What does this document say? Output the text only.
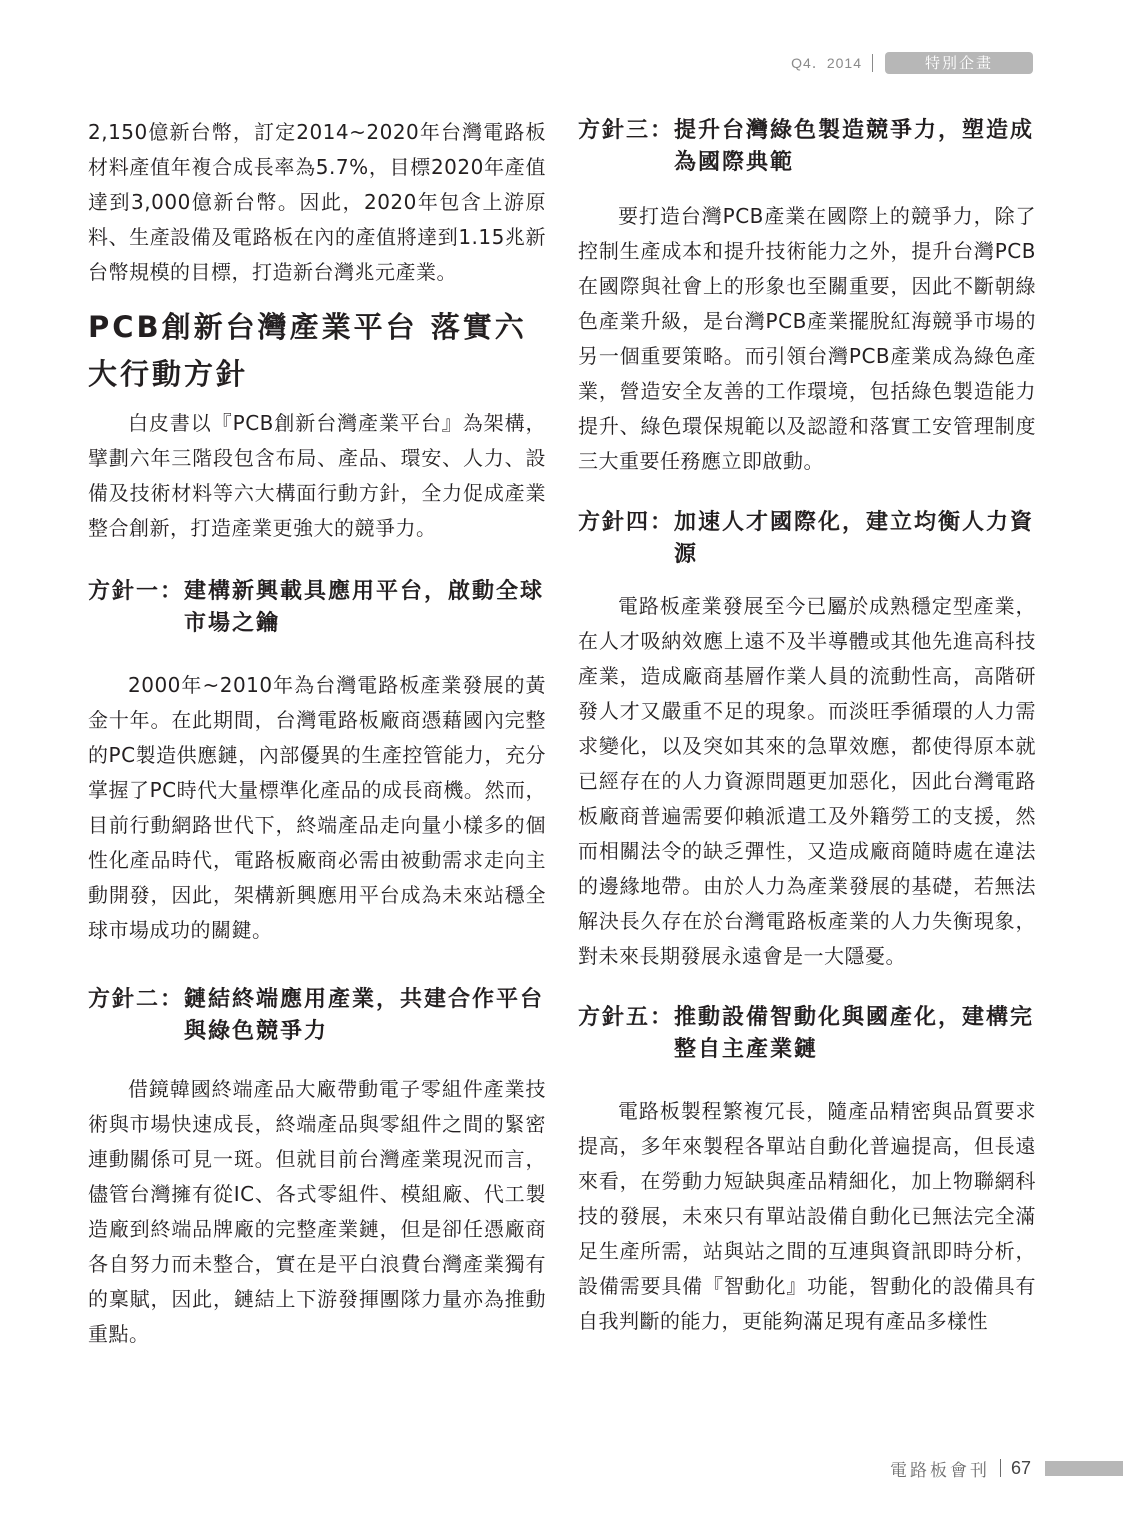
Q4．2014	特別企畫

2,150億新台幣，訂定2014~2020年台灣電路板材料產值年複合成長率為5.7%，目標2020年產值達到3,000億新台幣。因此，2020年包含上游原料、生產設備及電路板在內的產值將達到1.15兆新台幣規模的目標，打造新台灣兆元產業。

PCB創新台灣產業平台 落實六大行動方針

白皮書以『PCB創新台灣產業平台』為架構，擘劃六年三階段包含布局、產品、環安、人力、設備及技術材料等六大構面行動方針，全力促成產業整合創新，打造產業更強大的競爭力。

方針一： 建構新興載具應用平台，啟動全球市場之鑰

2000年~2010年為台灣電路板產業發展的黃金十年。在此期間，台灣電路板廠商憑藉國內完整的PC製造供應鏈，內部優異的生產控管能力，充分掌握了PC時代大量標準化產品的成長商機。然而，目前行動網路世代下，終端產品走向量小樣多的個性化產品時代，電路板廠商必需由被動需求走向主動開發，因此，架構新興應用平台成為未來站穩全球市場成功的關鍵。

方針二： 鏈結終端應用產業，共建合作平台與綠色競爭力

借鏡韓國終端產品大廠帶動電子零組件產業技術與市場快速成長，終端產品與零組件之間的緊密連動關係可見一斑。但就目前台灣產業現況而言，儘管台灣擁有從IC、各式零組件、模組廠、代工製造廠到終端品牌廠的完整產業鏈，但是卻任憑廠商各自努力而未整合，實在是平白浪費台灣產業獨有的稟賦，因此，鏈結上下游發揮團隊力量亦為推動重點。

方針三： 提升台灣綠色製造競爭力，塑造成為國際典範

要打造台灣PCB產業在國際上的競爭力，除了控制生產成本和提升技術能力之外，提升台灣PCB在國際與社會上的形象也至關重要，因此不斷朝綠色產業升級，是台灣PCB產業擺脫紅海競爭市場的另一個重要策略。而引領台灣PCB產業成為綠色產業，營造安全友善的工作環境，包括綠色製造能力提升、綠色環保規範以及認證和落實工安管理制度三大重要任務應立即啟動。

方針四： 加速人才國際化，建立均衡人力資源

電路板產業發展至今已屬於成熟穩定型產業，在人才吸納效應上遠不及半導體或其他先進高科技產業，造成廠商基層作業人員的流動性高，高階研發人才又嚴重不足的現象。而淡旺季循環的人力需求變化，以及突如其來的急單效應，都使得原本就已經存在的人力資源問題更加惡化，因此台灣電路板廠商普遍需要仰賴派遣工及外籍勞工的支援，然而相關法令的缺乏彈性，又造成廠商隨時處在違法的邊緣地帶。由於人力為產業發展的基礎，若無法解決長久存在於台灣電路板產業的人力失衡現象，對未來長期發展永遠會是一大隱憂。

方針五： 推動設備智動化與國產化，建構完整自主產業鏈

電路板製程繁複冗長，隨產品精密與品質要求提高，多年來製程各單站自動化普遍提高，但長遠來看，在勞動力短缺與產品精細化，加上物聯網科技的發展，未來只有單站設備自動化已無法完全滿足生產所需，站與站之間的互連與資訊即時分析，設備需要具備『智動化』功能，智動化的設備具有自我判斷的能力，更能夠滿足現有產品多樣性

電路板會刊 67
